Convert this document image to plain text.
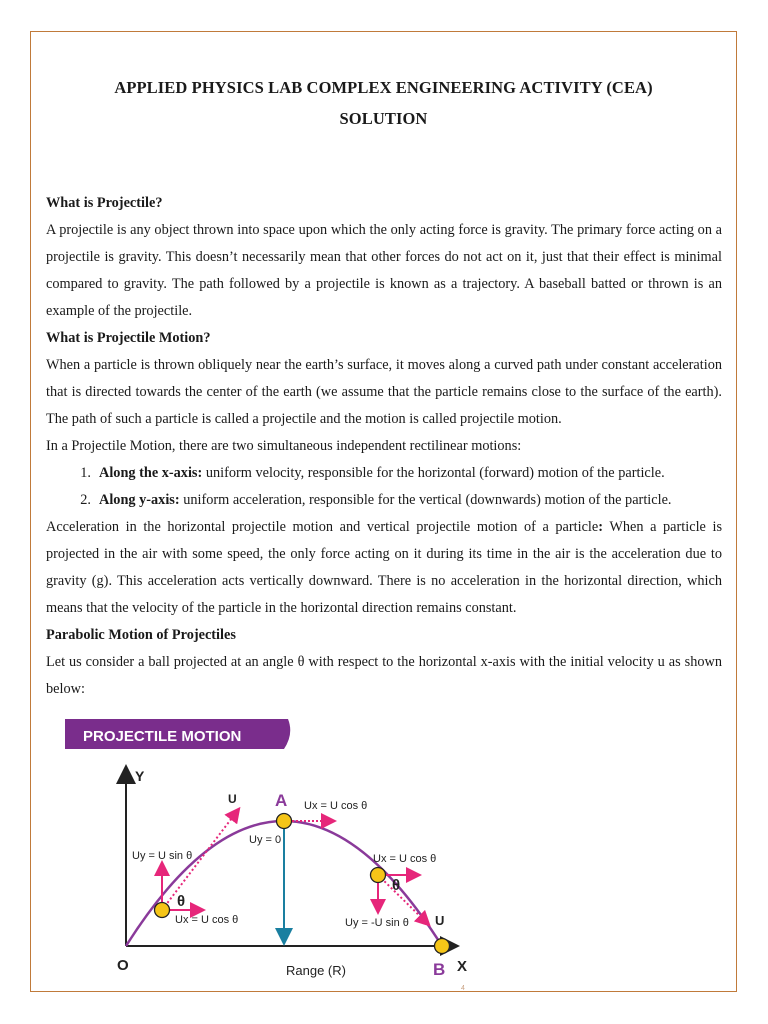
APPLIED PHYSICS LAB COMPLEX ENGINEERING ACTIVITY (CEA)
SOLUTION
What is Projectile?

A projectile is any object thrown into space upon which the only acting force is gravity. The primary force acting on a projectile is gravity. This doesn’t necessarily mean that other forces do not act on it, just that their effect is minimal compared to gravity. The path followed by a projectile is known as a trajectory. A baseball batted or thrown is an example of the projectile.

What is Projectile Motion?

When a particle is thrown obliquely near the earth’s surface, it moves along a curved path under constant acceleration that is directed towards the center of the earth (we assume that the particle remains close to the surface of the earth). The path of such a particle is called a projectile and the motion is called projectile motion.

In a Projectile Motion, there are two simultaneous independent rectilinear motions:

1. Along the x-axis: uniform velocity, responsible for the horizontal (forward) motion of the particle.
2. Along y-axis: uniform acceleration, responsible for the vertical (downwards) motion of the particle.

Acceleration in the horizontal projectile motion and vertical projectile motion of a particle: When a particle is projected in the air with some speed, the only force acting on it during its time in the air is the acceleration due to gravity (g). This acceleration acts vertically downward. There is no acceleration in the horizontal direction, which means that the velocity of the particle in the horizontal direction remains constant.

Parabolic Motion of Projectiles

Let us consider a ball projected at an angle θ with respect to the horizontal x-axis with the initial velocity u as shown below:

PROJECTILE MOTION
Y
X
O
U
Uy = U sin θ
Ux = U cos θ
θ
A Ux = U cos θ
Uy = 0
Ux = U cos θ
Uy = -U sin θ
θ
U
B
Range (R)
4
